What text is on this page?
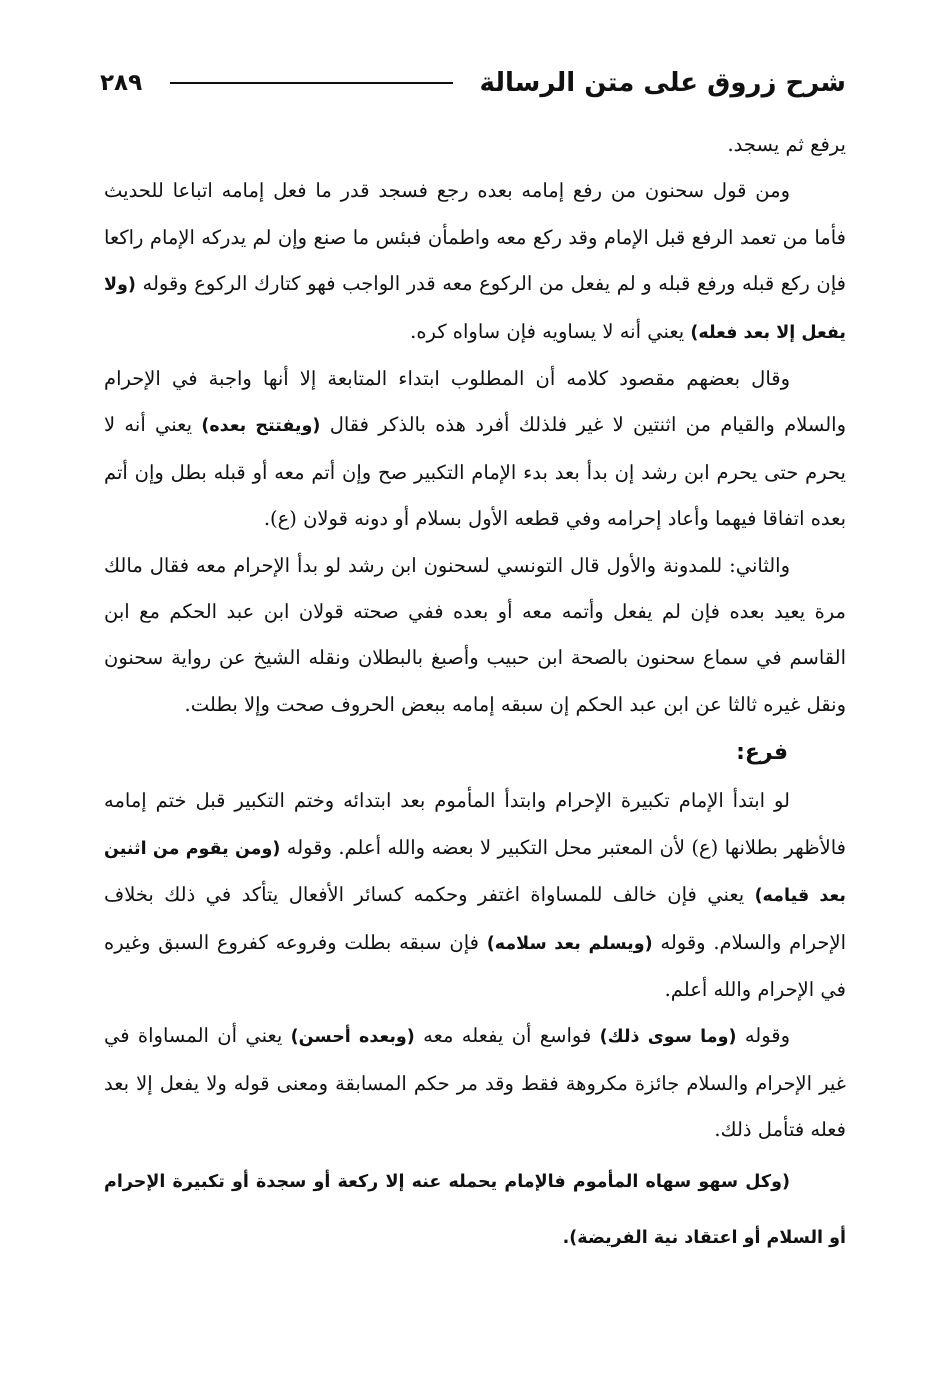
شرح زروق على متن الرسالة
٢٨٩

يرفع ثم يسجد.

ومن قول سحنون من رفع إمامه بعده رجع فسجد قدر ما فعل إمامه اتباعا للحديث فأما من تعمد الرفع قبل الإمام وقد ركع معه واطمأن فبئس ما صنع وإن لم يدركه الإمام راكعا فإن ركع قبله ورفع قبله و لم يفعل من الركوع معه قدر الواجب فهو كتارك الركوع وقوله (ولا يفعل إلا بعد فعله) يعني أنه لا يساويه فإن ساواه كره.

وقال بعضهم مقصود كلامه أن المطلوب ابتداء المتابعة إلا أنها واجبة في الإحرام والسلام والقيام من اثنتين لا غير فلذلك أفرد هذه بالذكر فقال (ويفتتح بعده) يعني أنه لا يحرم حتى يحرم ابن رشد إن بدأ بعد بدء الإمام التكبير صح وإن أتم معه أو قبله بطل وإن أتم بعده اتفاقا فيهما وأعاد إحرامه وفي قطعه الأول بسلام أو دونه قولان (ع).

والثاني: للمدونة والأول قال التونسي لسحنون ابن رشد لو بدأ الإحرام معه فقال مالك مرة يعيد بعده فإن لم يفعل وأتمه معه أو بعده ففي صحته قولان ابن عبد الحكم مع ابن القاسم في سماع سحنون بالصحة ابن حبيب وأصبغ بالبطلان ونقله الشيخ عن رواية سحنون ونقل غيره ثالثا عن ابن عبد الحكم إن سبقه إمامه ببعض الحروف صحت وإلا بطلت.

فرع:

لو ابتدأ الإمام تكبيرة الإحرام وابتدأ المأموم بعد ابتدائه وختم التكبير قبل ختم إمامه فالأظهر بطلانها (ع) لأن المعتبر محل التكبير لا بعضه والله أعلم. وقوله (ومن يقوم من اثنين بعد قيامه) يعني فإن خالف للمساواة اغتفر وحكمه كسائر الأفعال يتأكد في ذلك بخلاف الإحرام والسلام. وقوله (ويسلم بعد سلامه) فإن سبقه بطلت وفروعه كفروع السبق وغيره في الإحرام والله أعلم.

وقوله (وما سوى ذلك) فواسع أن يفعله معه (وبعده أحسن) يعني أن المساواة في غير الإحرام والسلام جائزة مكروهة فقط وقد مر حكم المسابقة ومعنى قوله ولا يفعل إلا بعد فعله فتأمل ذلك.

(وكل سهو سهاه المأموم فالإمام يحمله عنه إلا ركعة أو سجدة أو تكبيرة الإحرام أو السلام أو اعتقاد نية الفريضة).
